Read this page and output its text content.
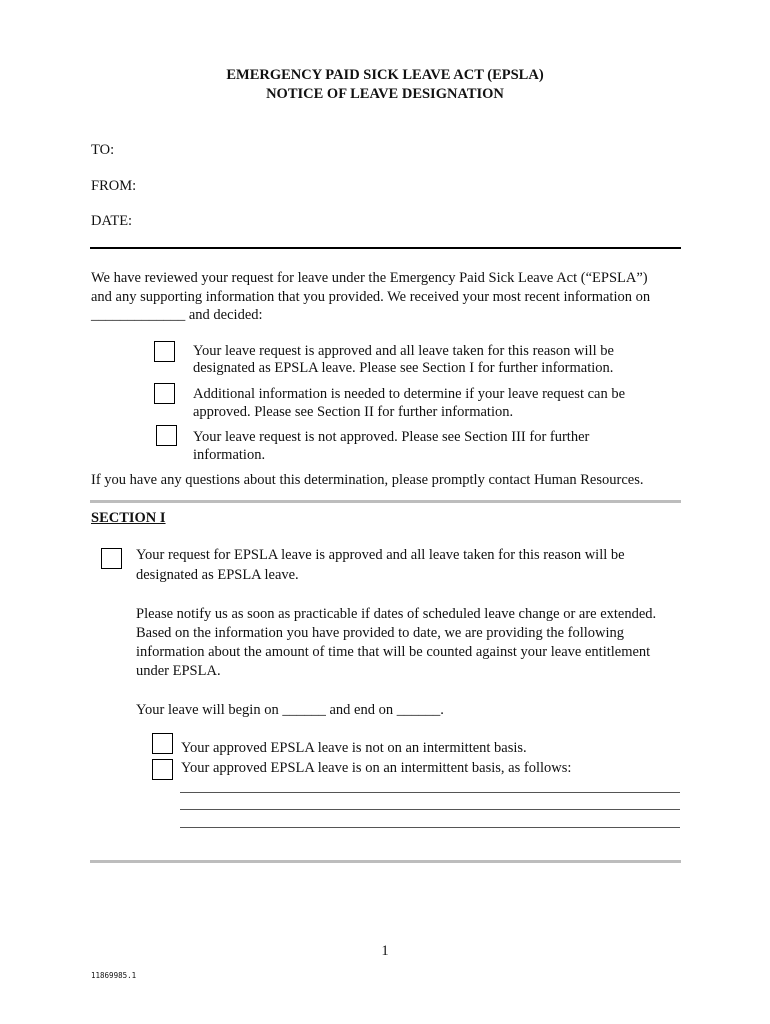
EMERGENCY PAID SICK LEAVE ACT (EPSLA)
NOTICE OF LEAVE DESIGNATION
TO:
FROM:
DATE:
We have reviewed your request for leave under the Emergency Paid Sick Leave Act (“EPSLA”)
and any supporting information that you provided. We received your most recent information on
_____________ and decided:
Your leave request is approved and all leave taken for this reason will be
designated as EPSLA leave. Please see Section I for further information.
Additional information is needed to determine if your leave request can be
approved. Please see Section II for further information.
Your leave request is not approved. Please see Section III for further
information.
If you have any questions about this determination, please promptly contact Human Resources.
SECTION I
Your request for EPSLA leave is approved and all leave taken for this reason will be
designated as EPSLA leave.
Please notify us as soon as practicable if dates of scheduled leave change or are extended.
Based on the information you have provided to date, we are providing the following
information about the amount of time that will be counted against your leave entitlement
under EPSLA.
Your leave will begin on ______ and end on ______.
Your approved EPSLA leave is not on an intermittent basis.
Your approved EPSLA leave is on an intermittent basis, as follows:
1
11869985.1
